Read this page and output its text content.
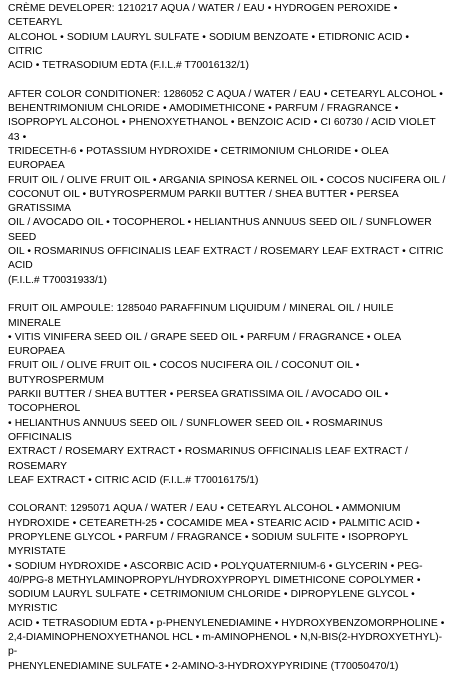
CRÈME DEVELOPER: 1210217 AQUA / WATER / EAU • HYDROGEN PEROXIDE • CETEARYL
ALCOHOL • SODIUM LAURYL SULFATE • SODIUM BENZOATE • ETIDRONIC ACID • CITRIC
ACID • TETRASODIUM EDTA (F.I.L.# T70016132/1)
AFTER COLOR CONDITIONER: 1286052 C AQUA / WATER / EAU • CETEARYL ALCOHOL •
BEHENTRIMONIUM CHLORIDE • AMODIMETHICONE • PARFUM / FRAGRANCE •
ISOPROPYL ALCOHOL • PHENOXYETHANOL • BENZOIC ACID • CI 60730 / ACID VIOLET 43 •
TRIDECETH-6 • POTASSIUM HYDROXIDE • CETRIMONIUM CHLORIDE • OLEA EUROPAEA
FRUIT OIL / OLIVE FRUIT OIL • ARGANIA SPINOSA KERNEL OIL • COCOS NUCIFERA OIL /
COCONUT OIL • BUTYROSPERMUM PARKII BUTTER / SHEA BUTTER • PERSEA GRATISSIMA
OIL / AVOCADO OIL • TOCOPHEROL • HELIANTHUS ANNUUS SEED OIL / SUNFLOWER SEED
OIL • ROSMARINUS OFFICINALIS LEAF EXTRACT / ROSEMARY LEAF EXTRACT • CITRIC ACID
(F.I.L.# T70031933/1)
FRUIT OIL AMPOULE: 1285040 PARAFFINUM LIQUIDUM / MINERAL OIL / HUILE MINERALE
• VITIS VINIFERA SEED OIL / GRAPE SEED OIL • PARFUM / FRAGRANCE • OLEA EUROPAEA
FRUIT OIL / OLIVE FRUIT OIL • COCOS NUCIFERA OIL / COCONUT OIL • BUTYROSPERMUM
PARKII BUTTER / SHEA BUTTER • PERSEA GRATISSIMA OIL / AVOCADO OIL • TOCOPHEROL
• HELIANTHUS ANNUUS SEED OIL / SUNFLOWER SEED OIL • ROSMARINUS OFFICINALIS
EXTRACT / ROSEMARY EXTRACT • ROSMARINUS OFFICINALIS LEAF EXTRACT / ROSEMARY
LEAF EXTRACT • CITRIC ACID (F.I.L.# T70016175/1)
COLORANT: 1295071 AQUA / WATER / EAU • CETEARYL ALCOHOL • AMMONIUM
HYDROXIDE • CETEARETH-25 • COCAMIDE MEA • STEARIC ACID • PALMITIC ACID •
PROPYLENE GLYCOL • PARFUM / FRAGRANCE • SODIUM SULFITE • ISOPROPYL MYRISTATE
• SODIUM HYDROXIDE • ASCORBIC ACID • POLYQUATERNIUM-6 • GLYCERIN • PEG-
40/PPG-8 METHYLAMINOPROPYL/HYDROXYPROPYL DIMETHICONE COPOLYMER •
SODIUM LAURYL SULFATE • CETRIMONIUM CHLORIDE • DIPROPYLENE GLYCOL • MYRISTIC
ACID • TETRASODIUM EDTA • p-PHENYLENEDIAMINE • HYDROXYBENZOMORPHOLINE •
2,4-DIAMINOPHENOXYETHANOL HCL • m-AMINOPHENOL • N,N-BIS(2-HYDROXYETHYL)-p-
PHENYLENEDIAMINE SULFATE • 2-AMINO-3-HYDROXYPYRIDINE (T70050470/1)
